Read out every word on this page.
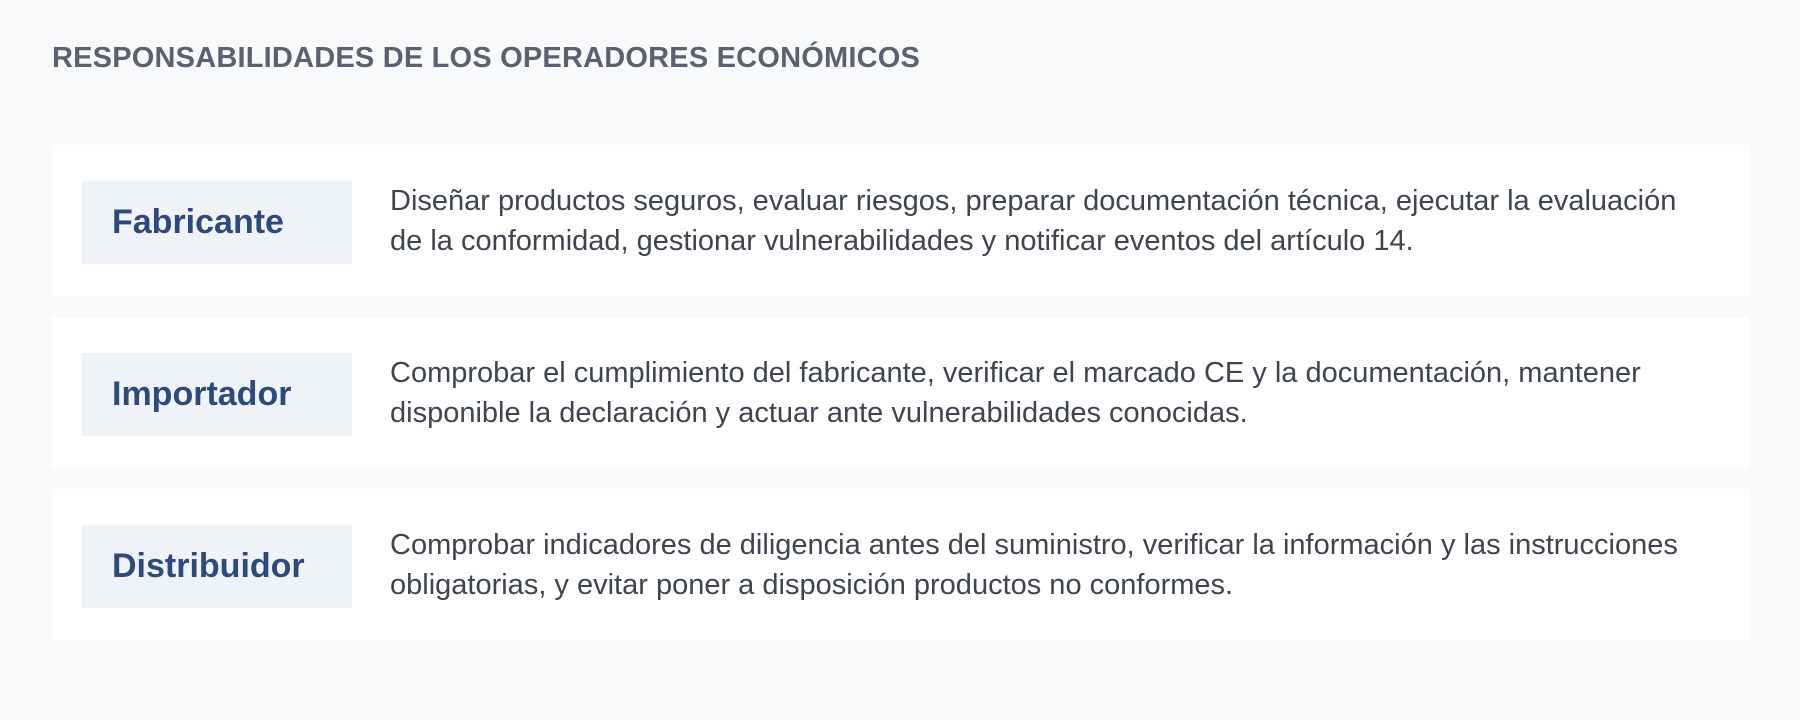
RESPONSABILIDADES DE LOS OPERADORES ECONÓMICOS
Fabricante

Diseñar productos seguros, evaluar riesgos, preparar documentación técnica, ejecutar la evaluación de la conformidad, gestionar vulnerabilidades y notificar eventos del artículo 14.

Importador

Comprobar el cumplimiento del fabricante, verificar el marcado CE y la documentación, mantener disponible la declaración y actuar ante vulnerabilidades conocidas.

Distribuidor

Comprobar indicadores de diligencia antes del suministro, verificar la información y las instrucciones obligatorias, y evitar poner a disposición productos no conformes.
